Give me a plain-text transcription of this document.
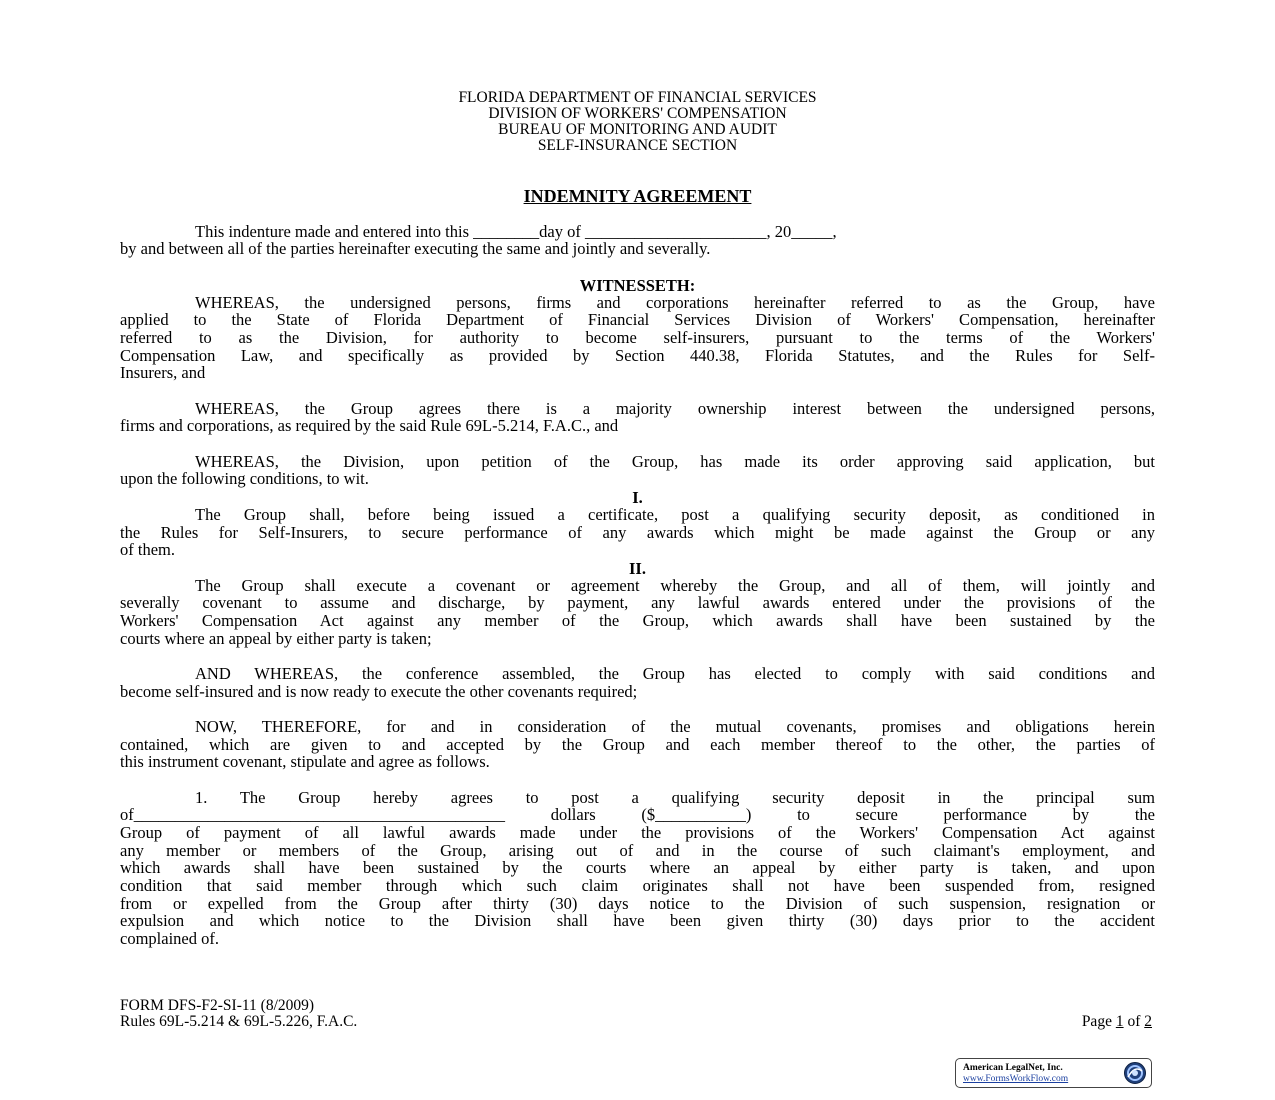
FLORIDA DEPARTMENT OF FINANCIAL SERVICES
DIVISION OF WORKERS' COMPENSATION
BUREAU OF MONITORING AND AUDIT
SELF-INSURANCE SECTION
INDEMNITY AGREEMENT
This indenture made and entered into this ________day of ______________________, 20_____,
by and between all of the parties hereinafter executing the same and jointly and severally.
WITNESSETH:
WHEREAS, the undersigned persons, firms and corporations hereinafter referred to as the Group, have
applied to the State of Florida Department of Financial Services Division of Workers' Compensation, hereinafter
referred to as the Division, for authority to become self-insurers, pursuant to the terms of the Workers'
Compensation Law, and specifically as provided by Section 440.38, Florida Statutes, and the Rules for Self-
Insurers, and
WHEREAS, the Group agrees there is a majority ownership interest between the undersigned persons,
firms and corporations, as required by the said Rule 69L-5.214, F.A.C., and
WHEREAS, the Division, upon petition of the Group, has made its order approving said application, but
upon the following conditions, to wit.
I.
The Group shall, before being issued a certificate, post a qualifying security deposit, as conditioned in
the Rules for Self-Insurers, to secure performance of any awards which might be made against the Group or any
of them.
II.
The Group shall execute a covenant or agreement whereby the Group, and all of them, will jointly and
severally covenant to assume and discharge, by payment, any lawful awards entered under the provisions of the
Workers' Compensation Act against any member of the Group, which awards shall have been sustained by the
courts where an appeal by either party is taken;
AND WHEREAS, the conference assembled, the Group has elected to comply with said conditions and
become self-insured and is now ready to execute the other covenants required;
NOW, THEREFORE, for and in consideration of the mutual covenants, promises and obligations herein
contained, which are given to and accepted by the Group and each member thereof to the other, the parties of
this instrument covenant, stipulate and agree as follows.
1. The Group hereby agrees to post a qualifying security deposit in the principal sum
of_____________________________________________ dollars ($___________) to secure performance by the
Group of payment of all lawful awards made under the provisions of the Workers' Compensation Act against
any member or members of the Group, arising out of and in the course of such claimant's employment, and
which awards shall have been sustained by the courts where an appeal by either party is taken, and upon
condition that said member through which such claim originates shall not have been suspended from, resigned
from or expelled from the Group after thirty (30) days notice to the Division of such suspension, resignation or
expulsion and which notice to the Division shall have been given thirty (30) days prior to the accident
complained of.
FORM DFS-F2-SI-11 (8/2009)
Rules 69L-5.214 & 69L-5.226, F.A.C.	Page 1 of 2
American LegalNet, Inc.
www.FormsWorkFlow.com
